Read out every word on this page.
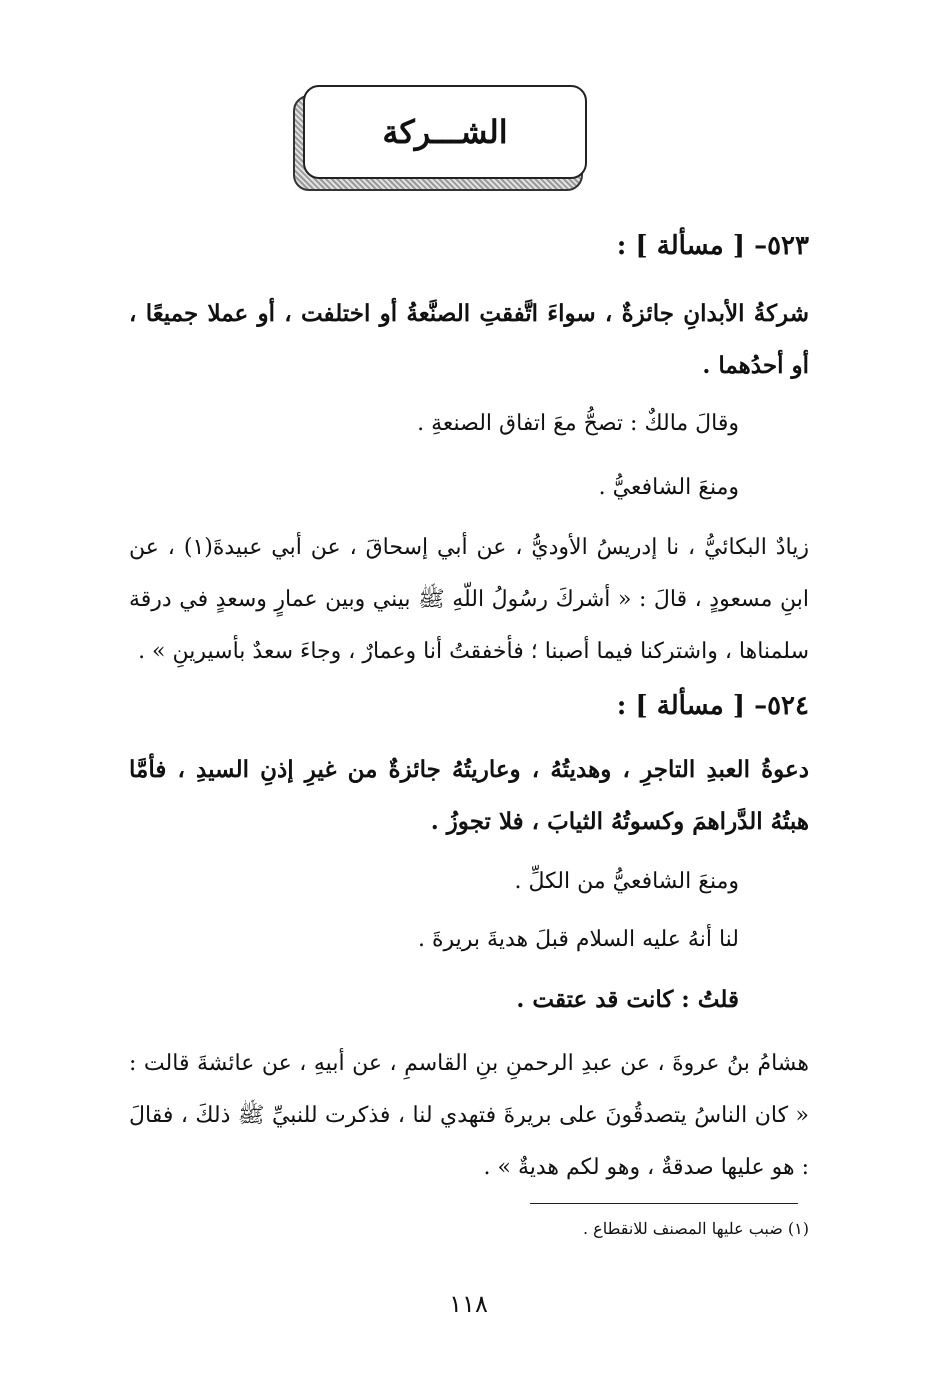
الشـــركة
٥٢٣– [ مسألة ] :
شركةُ الأبدانِ جائزةٌ ، سواءَ اتَّفقتِ الصنَّعةُ أو اختلفت ، أو عملا جميعًا ، أو أحدُهما .
وقالَ مالكٌ : تصحُّ معَ اتفاق الصنعةِ .
ومنعَ الشافعيُّ .
زيادٌ البكائيُّ ، نا إدريسُ الأوديُّ ، عن أبي إسحاقَ ، عن أبي عبيدةَ(١) ، عن ابنِ مسعودٍ ، قالَ : « أشركَ رسُولُ اللّهِ ﷺ بيني وبين عمارٍ وسعدٍ في درقة سلمناها ، واشتركنا فيما أصبنا ؛ فأخفقتُ أنا وعمارٌ ، وجاءَ سعدٌ بأسيرينِ » .
٥٢٤– [ مسألة ] :
دعوةُ العبدِ التاجرِ ، وهديتُهُ ، وعاريتُهُ جائزةٌ من غيرِ إذنِ السيدِ ، فأمَّا هبتُهُ الدَّراهمَ وكسوتُهُ الثيابَ ، فلا تجوزُ .
ومنعَ الشافعيُّ من الكلِّ .
لنا أنهُ عليه السلام قبلَ هديةَ بريرةَ .
قلتُ : كانت قد عتقت .
هشامُ بنُ عروةَ ، عن عبدِ الرحمنِ بنِ القاسمِ ، عن أبيهِ ، عن عائشةَ قالت : « كان الناسُ يتصدقُونَ على بريرةَ فتهدي لنا ، فذكرت للنبيِّ ﷺ ذلكَ ، فقالَ : هو عليها صدقةٌ ، وهو لكم هديةٌ » .
(١) ضبب عليها المصنف للانقطاع .
١١٨
